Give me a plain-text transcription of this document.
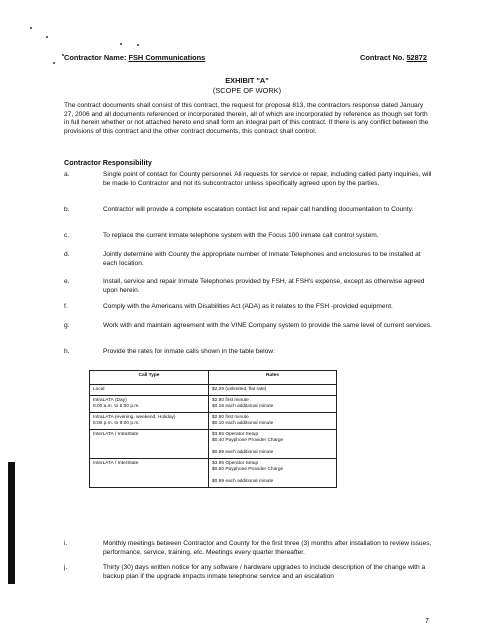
Contractor Name: FSH Communications	Contract No. 52872
EXHIBIT "A"
(SCOPE OF WORK)

The contract documents shall consist of this contract, the request for proposal 813, the contractors response dated January 27, 2006 and all documents referenced or incorporated therein, all of which are incorporated by reference as though set forth in full herein whether or not attached hereto end shall form an integral part of this contract. If there is any conflict between the provisions of this contract and the other contract documents, this contract shall control.

Contractor Responsibility
a.	Single point of contact for County personnel. All requests for service or repair, including called party inquiries, will be made to Contractor and not its subcontractor unless specifically agreed upon by the parties.
b.	Contractor will provide a complete escalation contact list and repair call handling documentation to County.
c.	To replace the current inmate telephone system with the Focus 100 inmate call control system.
d.	Jointly determine with County the appropriate number of Inmate Telephones and enclosures to be installed at each location.
e.	Install, service and repair Inmate Telephones provided by FSH, at FSH's expense, except as otherwise agreed upon herein.
f.	Comply with the Americans with Disabilities Act (ADA) as it relates to the FSH -provided equipment.
g.	Work with and maintain agreement with the VINE Company system to provide the same level of current services.
h.	Provide the rates for inmate calls shown in the table below:
Call Type	Rates

Local	$2.29 (unlimited, flat rate)

IntraLATA (Day)
8:00 a.m. to 5:00 p.m.	$2.80 first minute
$0.16 each additional minute

IntraLATA (evening, weekend, Holiday)
5:00 p.m. to 8:00 p.m.	$2.80 first minute
$0.10 each additional minute

InterLATA / IntraState	$3.95 Operator Setup
$0.40 Payphone Provider Charge
$0.59 each additional minute

InterLATA / InterState	$3.95 Operator Setup
$0.60 Payphone Provider Charge
$0.89 each additional minute
i.	Monthly meetings between Contractor and County for the first three (3) months after installation to review issues, performance, service, training, etc. Meetings every quarter thereafter.
j.	Thirty (30) days written notice for any software / hardware upgrades to include description of the change with a backup plan if the upgrade impacts inmate telephone service and an escalation
7
